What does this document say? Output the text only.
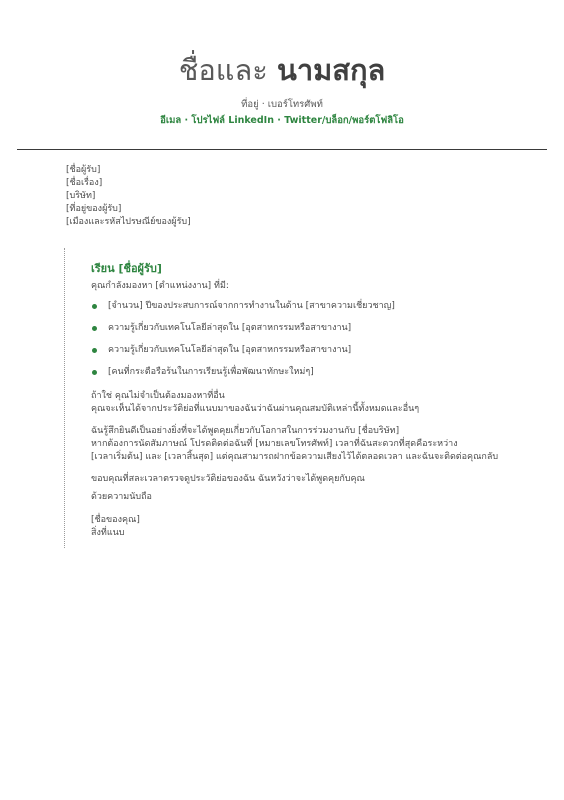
ชื่อและ นามสกุล
ที่อยู่ · เบอร์โทรศัพท์
อีเมล · โปรไฟล์ LinkedIn · Twitter/บล็อก/พอร์ตโฟลิโอ
[ชื่อผู้รับ]
[ชื่อเรื่อง]
[บริษัท]
[ที่อยู่ของผู้รับ]
[เมืองและรหัสไปรษณีย์ของผู้รับ]
เรียน [ชื่อผู้รับ]
คุณกำลังมองหา [ตำแหน่งงาน] ที่มี:
[จำนวน] ปีของประสบการณ์จากการทำงานในด้าน [สาขาความเชี่ยวชาญ]
ความรู้เกี่ยวกับเทคโนโลยีล่าสุดใน [อุตสาหกรรมหรือสาขางาน]
ความรู้เกี่ยวกับเทคโนโลยีล่าสุดใน [อุตสาหกรรมหรือสาขางาน]
[คนที่กระตือรือร้นในการเรียนรู้เพื่อพัฒนาทักษะใหม่ๆ]
ถ้าใช่ คุณไม่จำเป็นต้องมองหาที่อื่น
คุณจะเห็นได้จากประวัติย่อที่แนบมาของฉันว่าฉันผ่านคุณสมบัติเหล่านี้ทั้งหมดและอื่นๆ
ฉันรู้สึกยินดีเป็นอย่างยิ่งที่จะได้พูดคุยเกี่ยวกับโอกาสในการร่วมงานกับ [ชื่อบริษัท]
หากต้องการนัดสัมภาษณ์ โปรดติดต่อฉันที่ [หมายเลขโทรศัพท์] เวลาที่ฉันสะดวกที่สุดคือระหว่าง
[เวลาเริ่มต้น] และ [เวลาสิ้นสุด] แต่คุณสามารถฝากข้อความเสียงไว้ได้ตลอดเวลา และฉันจะติดต่อคุณกลับ
ขอบคุณที่สละเวลาตรวจดูประวัติย่อของฉัน ฉันหวังว่าจะได้พูดคุยกับคุณ
ด้วยความนับถือ
[ชื่อของคุณ]
สิ่งที่แนบ
